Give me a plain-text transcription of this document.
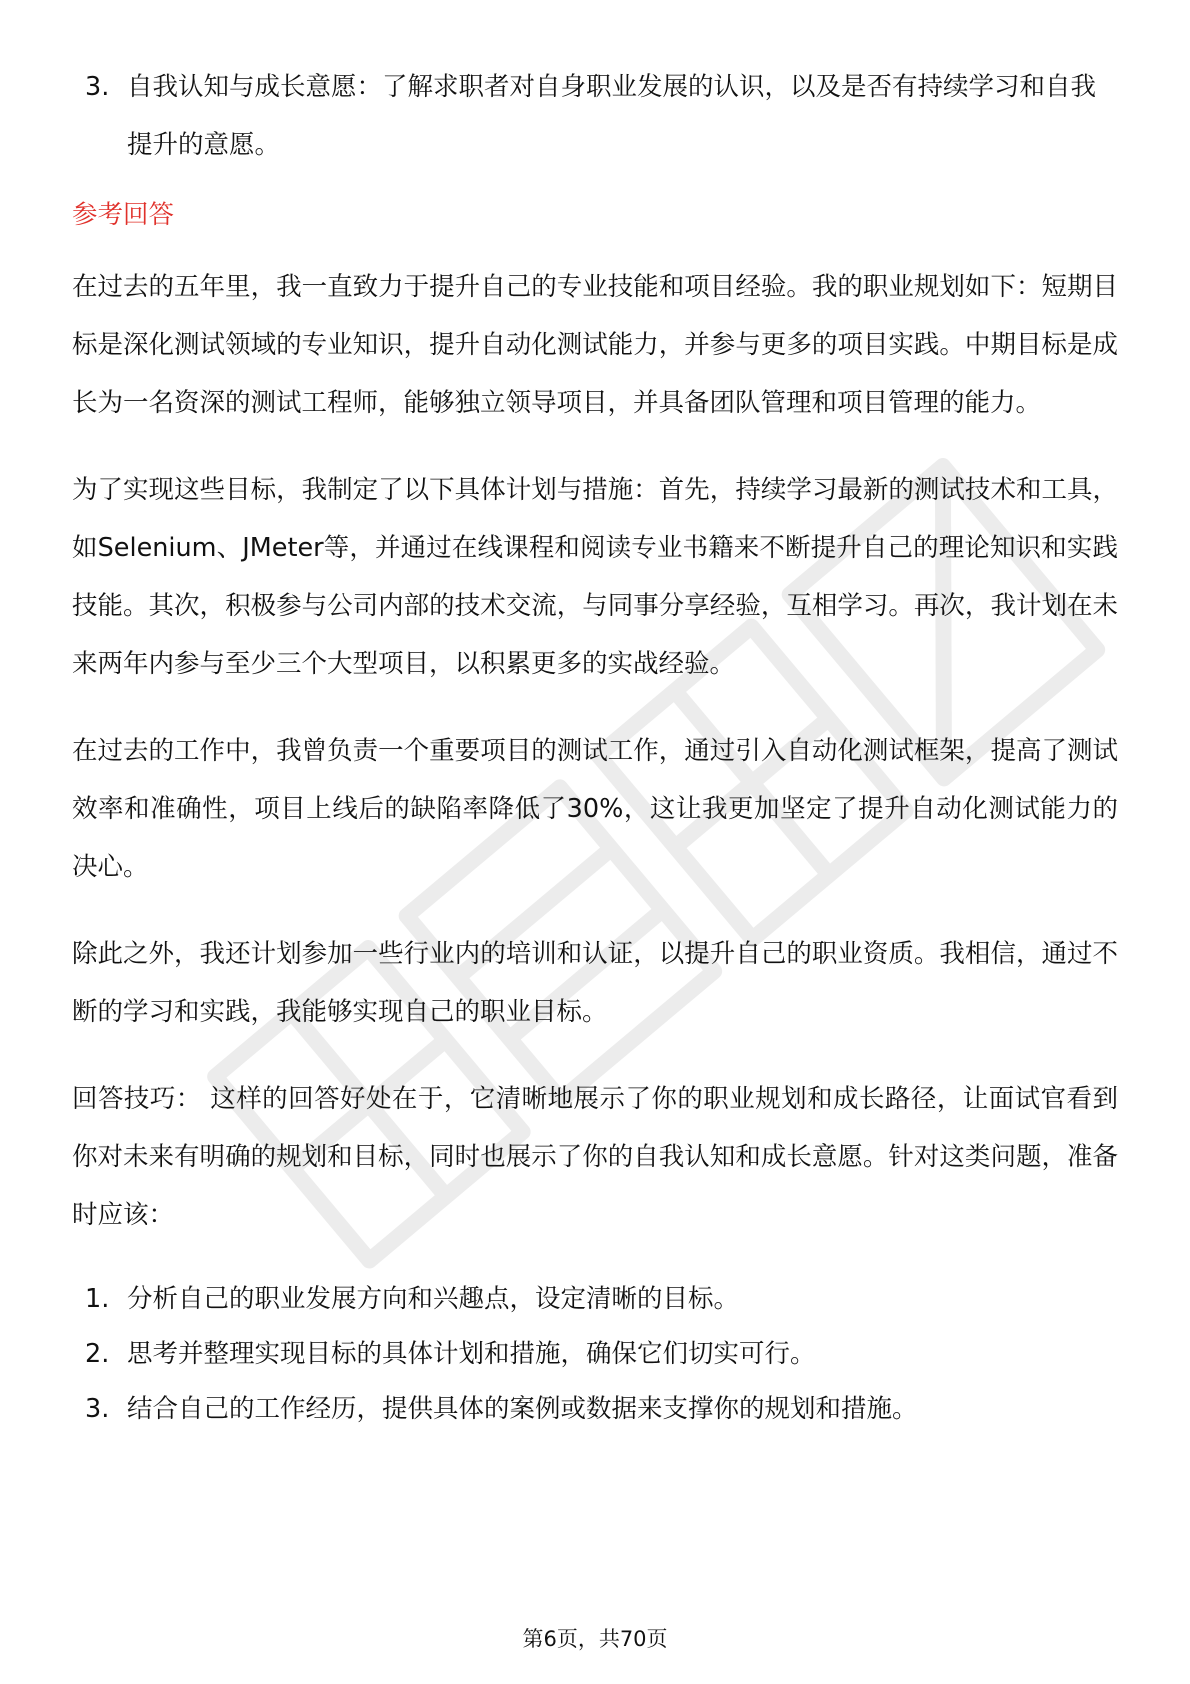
3. 自我认知与成长意愿：了解求职者对自身职业发展的认识，以及是否有持续学习和自我提升的意愿。
参考回答

在过去的五年里，我一直致力于提升自己的专业技能和项目经验。我的职业规划如下：短期目标是深化测试领域的专业知识，提升自动化测试能力，并参与更多的项目实践。中期目标是成长为一名资深的测试工程师，能够独立领导项目，并具备团队管理和项目管理的能力。

为了实现这些目标，我制定了以下具体计划与措施：首先，持续学习最新的测试技术和工具，如Selenium、JMeter等，并通过在线课程和阅读专业书籍来不断提升自己的理论知识和实践技能。其次，积极参与公司内部的技术交流，与同事分享经验，互相学习。再次，我计划在未来两年内参与至少三个大型项目，以积累更多的实战经验。

在过去的工作中，我曾负责一个重要项目的测试工作，通过引入自动化测试框架，提高了测试效率和准确性，项目上线后的缺陷率降低了30%，这让我更加坚定了提升自动化测试能力的决心。

除此之外，我还计划参加一些行业内的培训和认证，以提升自己的职业资质。我相信，通过不断的学习和实践，我能够实现自己的职业目标。

回答技巧： 这样的回答好处在于，它清晰地展示了你的职业规划和成长路径，让面试官看到你对未来有明确的规划和目标，同时也展示了你的自我认知和成长意愿。针对这类问题，准备时应该：

1. 分析自己的职业发展方向和兴趣点，设定清晰的目标。
2. 思考并整理实现目标的具体计划和措施，确保它们切实可行。
3. 结合自己的工作经历，提供具体的案例或数据来支撑你的规划和措施。
第6页，共70页
